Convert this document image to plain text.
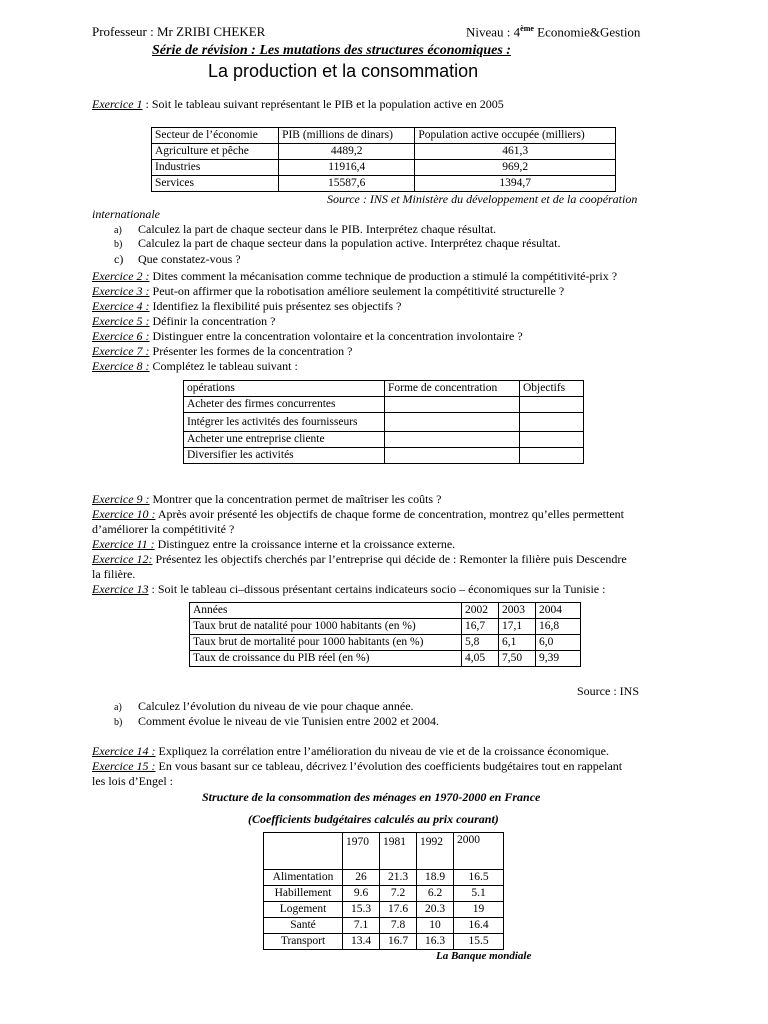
Professeur : Mr ZRIBI CHEKER	Niveau : 4ème Economie&Gestion
Série de révision : Les mutations des structures économiques :
La production et la consommation
Exercice 1 : Soit le tableau suivant représentant le PIB et la population active en 2005
Secteur de l’économie	PIB (millions de dinars)	Population active occupée (milliers)
Agriculture et pêche	4489,2	461,3
Industries	11916,4	969,2
Services	15587,6	1394,7
Source : INS et Ministère du développement et de la coopération
internationale
a) Calculez la part de chaque secteur dans le PIB. Interprétez chaque résultat.
b) Calculez la part de chaque secteur dans la population active. Interprétez chaque résultat.
c) Que constatez-vous ?
Exercice 2 : Dites comment la mécanisation comme technique de production a stimulé la compétitivité-prix ?
Exercice 3 : Peut-on affirmer que la robotisation améliore seulement la compétitivité structurelle ?
Exercice 4 : Identifiez la flexibilité puis présentez ses objectifs ?
Exercice 5 : Définir la concentration ?
Exercice 6 : Distinguer entre la concentration volontaire et la concentration involontaire ?
Exercice 7 : Présenter les formes de la concentration ?
Exercice 8 : Complétez le tableau suivant :
opérations	Forme de concentration	Objectifs
Acheter des firmes concurrentes		
Intégrer les activités des fournisseurs		
Acheter une entreprise cliente		
Diversifier les activités		
Exercice 9 : Montrer que la concentration permet de maîtriser les coûts ?
Exercice 10 : Après avoir présenté les objectifs de chaque forme de concentration, montrez qu’elles permettent
d’améliorer la compétitivité ?
Exercice 11 : Distinguez entre la croissance interne et la croissance externe.
Exercice 12: Présentez les objectifs cherchés par l’entreprise qui décide de : Remonter la filière puis Descendre
la filière.
Exercice 13 : Soit le tableau ci–dissous présentant certains indicateurs socio – économiques sur la Tunisie :
Années	2002	2003	2004
Taux brut de natalité pour 1000 habitants (en %)	16,7	17,1	16,8
Taux brut de mortalité pour 1000 habitants (en %)	5,8	6,1	6,0
Taux de croissance du PIB réel (en %)	4,05	7,50	9,39
Source : INS
a) Calculez l’évolution du niveau de vie pour chaque année.
b) Comment évolue le niveau de vie Tunisien entre 2002 et 2004.
Exercice 14 : Expliquez la corrélation entre l’amélioration du niveau de vie et de la croissance économique.
Exercice 15 : En vous basant sur ce tableau, décrivez l’évolution des coefficients budgétaires tout en rappelant
les lois d’Engel :
Structure de la consommation des ménages en 1970-2000 en France
(Coefficients budgétaires calculés au prix courant)
	1970	1981	1992	2000
Alimentation	26	21.3	18.9	16.5
Habillement	9.6	7.2	6.2	5.1
Logement	15.3	17.6	20.3	19
Santé	7.1	7.8	10	16.4
Transport	13.4	16.7	16.3	15.5
La Banque mondiale
